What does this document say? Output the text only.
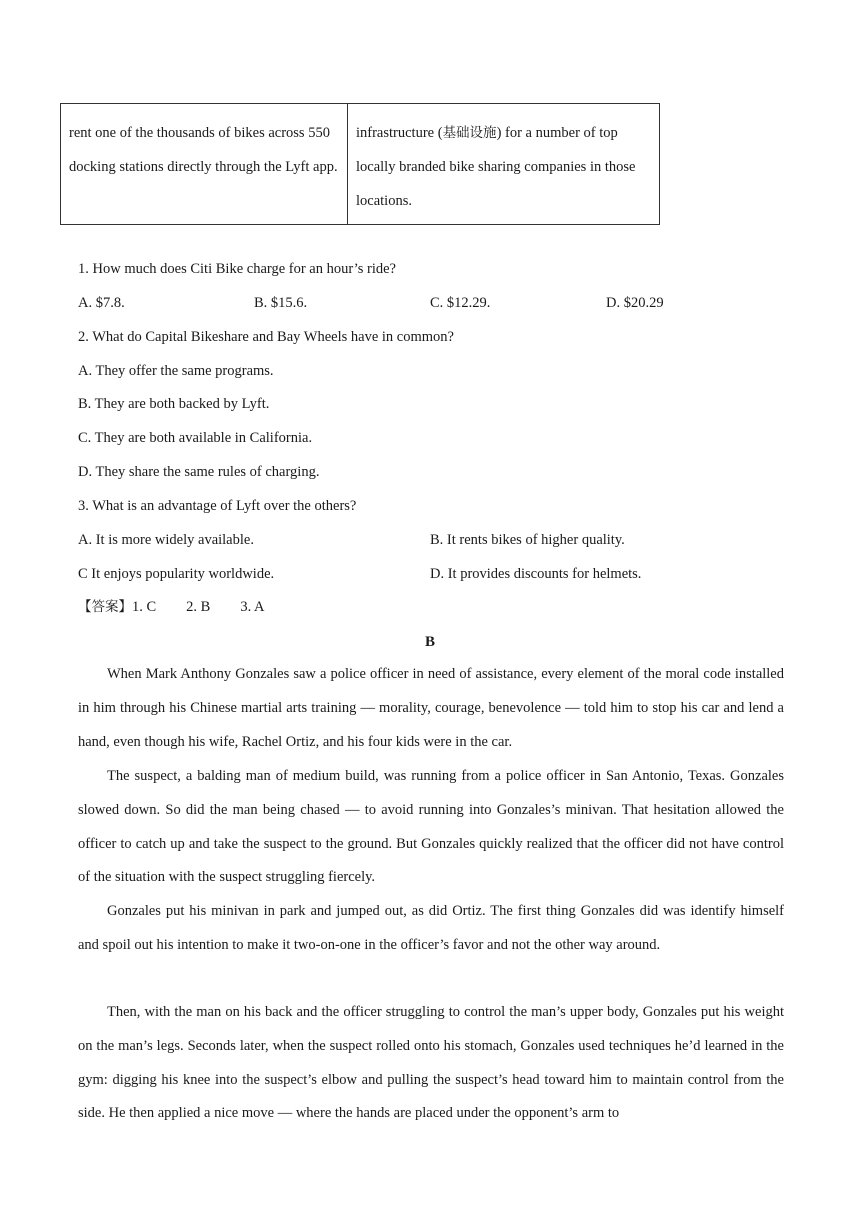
rent one of the thousands of bikes across 550 docking stations directly through the Lyft app.	infrastructure (基础设施) for a number of top locally branded bike sharing companies in those locations.
1. How much does Citi Bike charge for an hour’s ride?
A. $7.8.	B. $15.6.	C. $12.29.	D. $20.29
2. What do Capital Bikeshare and Bay Wheels have in common?
A. They offer the same programs.
B. They are both backed by Lyft.
C. They are both available in California.
D. They share the same rules of charging.
3. What is an advantage of Lyft over the others?
A. It is more widely available.	B. It rents bikes of higher quality.
C It enjoys popularity worldwide.	D. It provides discounts for helmets.
【答案】1. C 2. B 3. A
B

When Mark Anthony Gonzales saw a police officer in need of assistance, every element of the moral code installed in him through his Chinese martial arts training — morality, courage, benevolence — told him to stop his car and lend a hand, even though his wife, Rachel Ortiz, and his four kids were in the car.

The suspect, a balding man of medium build, was running from a police officer in San Antonio, Texas. Gonzales slowed down. So did the man being chased — to avoid running into Gonzales’s minivan. That hesitation allowed the officer to catch up and take the suspect to the ground. But Gonzales quickly realized that the officer did not have control of the situation with the suspect struggling fiercely.

Gonzales put his minivan in park and jumped out, as did Ortiz. The first thing Gonzales did was identify himself and spoil out his intention to make it two-on-one in the officer’s favor and not the other way around.

Then, with the man on his back and the officer struggling to control the man’s upper body, Gonzales put his weight on the man’s legs. Seconds later, when the suspect rolled onto his stomach, Gonzales used techniques he’d learned in the gym: digging his knee into the suspect’s elbow and pulling the suspect’s head toward him to maintain control from the side. He then applied a nice move — where the hands are placed under the opponent’s arm to
